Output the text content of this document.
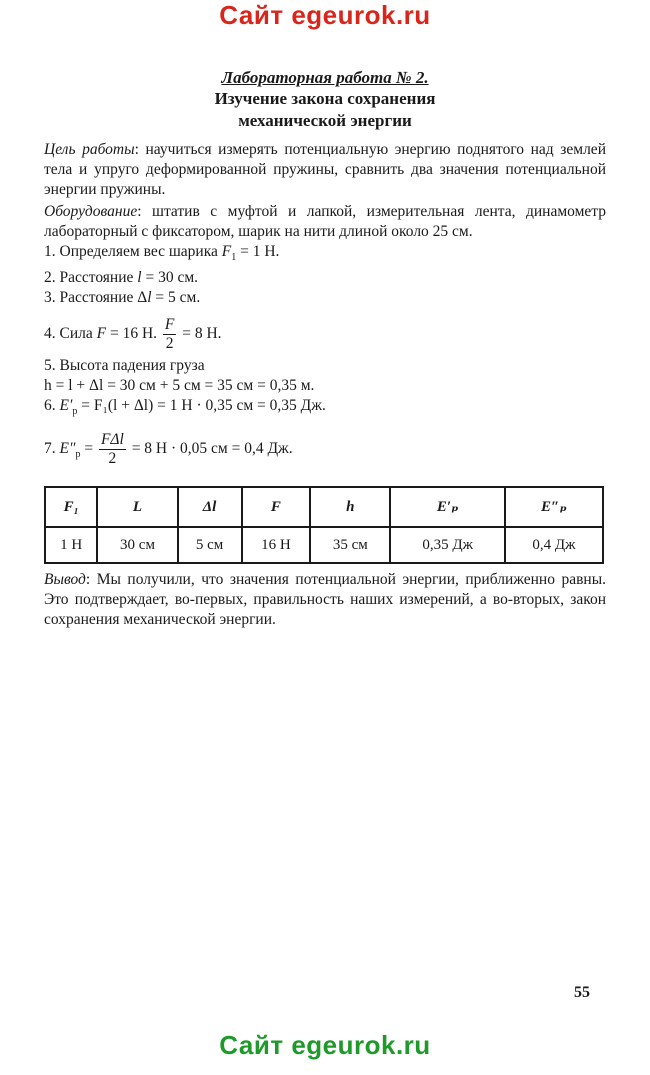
Сайт egeurok.ru
Лабораторная работа № 2.
Изучение закона сохранения
механической энергии

Цель работы: научиться измерять потенциальную энергию поднятого над землей тела и упруго деформированной пружины, сравнить два значения потенциальной энергии пружины.

Оборудование: штатив с муфтой и лапкой, измерительная лента, динамометр лабораторный с фиксатором, шарик на нити длиной около 25 см.

1. Определяем вес шарика $F_1 = 1$ Н.

2. Расстояние l = 30 см.

3. Расстояние Δl = 5 см.

4. Сила F = 16 Н. $\frac{F}{2} = 8$ Н.

5. Высота падения груза

h = l + Δl = 30 см + 5 см = 35 см = 0,35 м.

6. $E'_p = F_1(l + \Delta l) = 1$ Н · 0,35 см = 0,35 Дж.

7. $E''_p = \frac{\text{FΔl}}{2} = 8$ Н · 0,05 см = 0,4 Дж.

F₁	L	Δl	F	h	E′ₚ	E″ₚ
1 Н	30 см	5 см	16 Н	35 см	0,35 Дж	0,4 Дж

Вывод: Мы получили, что значения потенциальной энергии, приближенно равны. Это подтверждает, во-первых, правильность наших измерений, а во-вторых, закон сохранения механической энергии.

55
Сайт egeurok.ru
